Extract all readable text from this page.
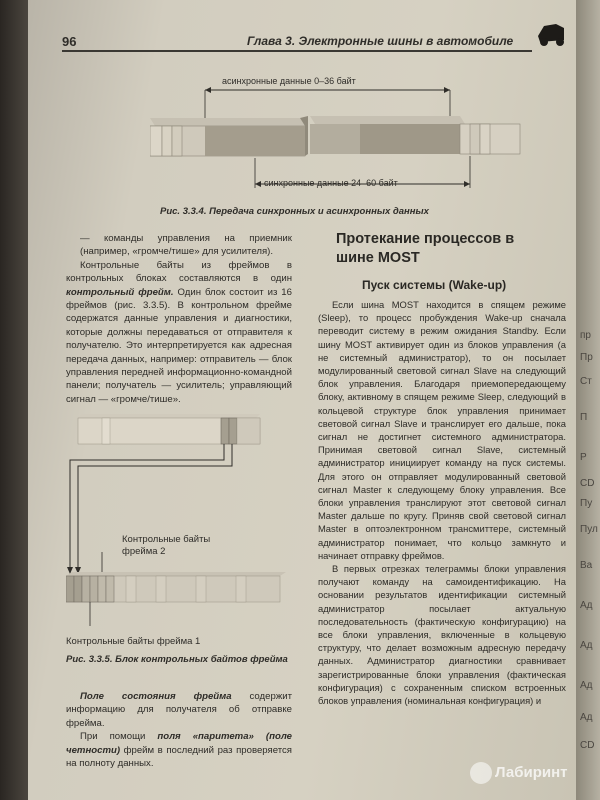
96	Глава 3. Электронные шины в автомобиле
асинхронные данные 0–36 байт
синхронные данные 24–60 байт
Рис. 3.3.4. Передача синхронных и асинхронных данных

— команды управления на приемник (например, «громче/тише» для усилителя).

Контрольные байты из фреймов в контрольных блоках составляются в один контрольный фрейм. Один блок состоит из 16 фреймов (рис. 3.3.5). В контрольном фрейме содержатся данные управления и диагностики, которые должны передаваться от отправителя к получателю. Это интерпретируется как адресная передача данных, например: отправитель — блок управления передней информационно-командной панели; получатель — усилитель; управляющий сигнал — «громче/тише».

Контрольные байты фрейма 2
Контрольные байты фрейма 1
Рис. 3.3.5. Блок контрольных байтов фрейма

Поле состояния фрейма содержит информацию для получателя об отправке фрейма.

При помощи поля «паритета» (поле четности) фрейм в последний раз проверяется на полноту данных.

Протекание процессов в шине MOST
Пуск системы (Wake-up)

Если шина MOST находится в спящем режиме (Sleep), то процесс пробуждения Wake-up сначала переводит систему в режим ожидания Standby. Если шину MOST активирует один из блоков управления (а не системный администратор), то он посылает модулированный световой сигнал Slave на следующий блок управления. Благодаря приемопередающему блоку, активному в спящем режиме Sleep, следующий в кольцевой структуре блок управления принимает световой сигнал Slave и транслирует его дальше, пока сигнал не достигнет системного администратора. Принимая световой сигнал Slave, системный администратор инициирует команду на пуск системы. Для этого он отправляет модулированный световой сигнал Master к следующему блоку управления. Все блоки управления транслируют этот световой сигнал Master дальше по кругу. Приняв свой световой сигнал Master в оптоэлектронном трансмиттере, системный администратор понимает, что кольцо замкнуто и начинает отправку фреймов.

В первых отрезках телеграммы блоки управления получают команду на самоидентификацию. На основании результатов идентификации системный администратор посылает актуальную последовательность (фактическую конфигурацию) на все блоки управления, включенные в кольцевую структуру, что делает возможным адресную передачу данных. Администратор диагностики сравнивает зарегистрированные блоки управления (фактическая конфигурация) с сохраненным списком встроенных блоков управления (номинальная конфигурация) и

Лабиринт
пр
Пр
Ст
П
Р
СD
Пу
Пул
Ва
Ад
Ад
Ад
Ад
СD
